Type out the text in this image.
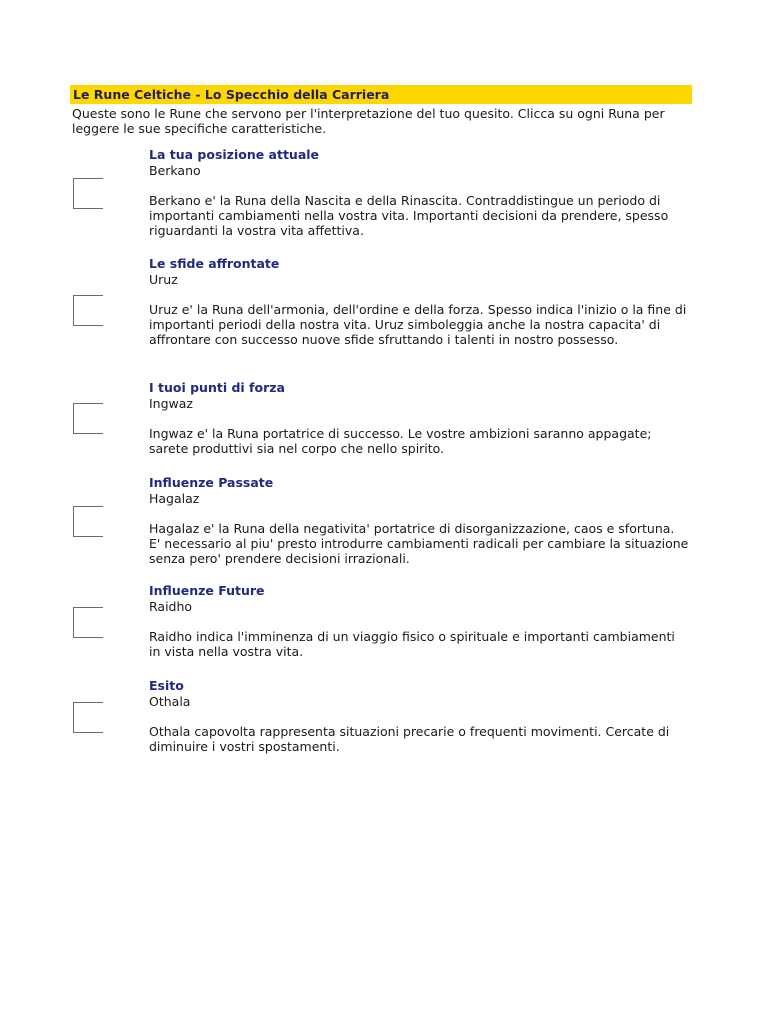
Le Rune Celtiche - Lo Specchio della Carriera
Queste sono le Rune che servono per l'interpretazione del tuo quesito. Clicca su ogni Runa per leggere le sue specifiche caratteristiche.
La tua posizione attuale
Berkano
Berkano e' la Runa della Nascita e della Rinascita. Contraddistingue un periodo di importanti cambiamenti nella vostra vita. Importanti decisioni da prendere, spesso riguardanti la vostra vita affettiva.
Le sfide affrontate
Uruz
Uruz e' la Runa dell'armonia, dell'ordine e della forza. Spesso indica l'inizio o la fine di importanti periodi della nostra vita. Uruz simboleggia anche la nostra capacita' di affrontare con successo nuove sfide sfruttando i talenti in nostro possesso.
I tuoi punti di forza
Ingwaz
Ingwaz e' la Runa portatrice di successo. Le vostre ambizioni saranno appagate; sarete produttivi sia nel corpo che nello spirito.
Influenze Passate
Hagalaz
Hagalaz e' la Runa della negativita' portatrice di disorganizzazione, caos e sfortuna. E' necessario al piu' presto introdurre cambiamenti radicali per cambiare la situazione senza pero' prendere decisioni irrazionali.
Influenze Future
Raidho
Raidho indica l'imminenza di un viaggio fisico o spirituale e importanti cambiamenti in vista nella vostra vita.
Esito
Othala
Othala capovolta rappresenta situazioni precarie o frequenti movimenti. Cercate di diminuire i vostri spostamenti.
